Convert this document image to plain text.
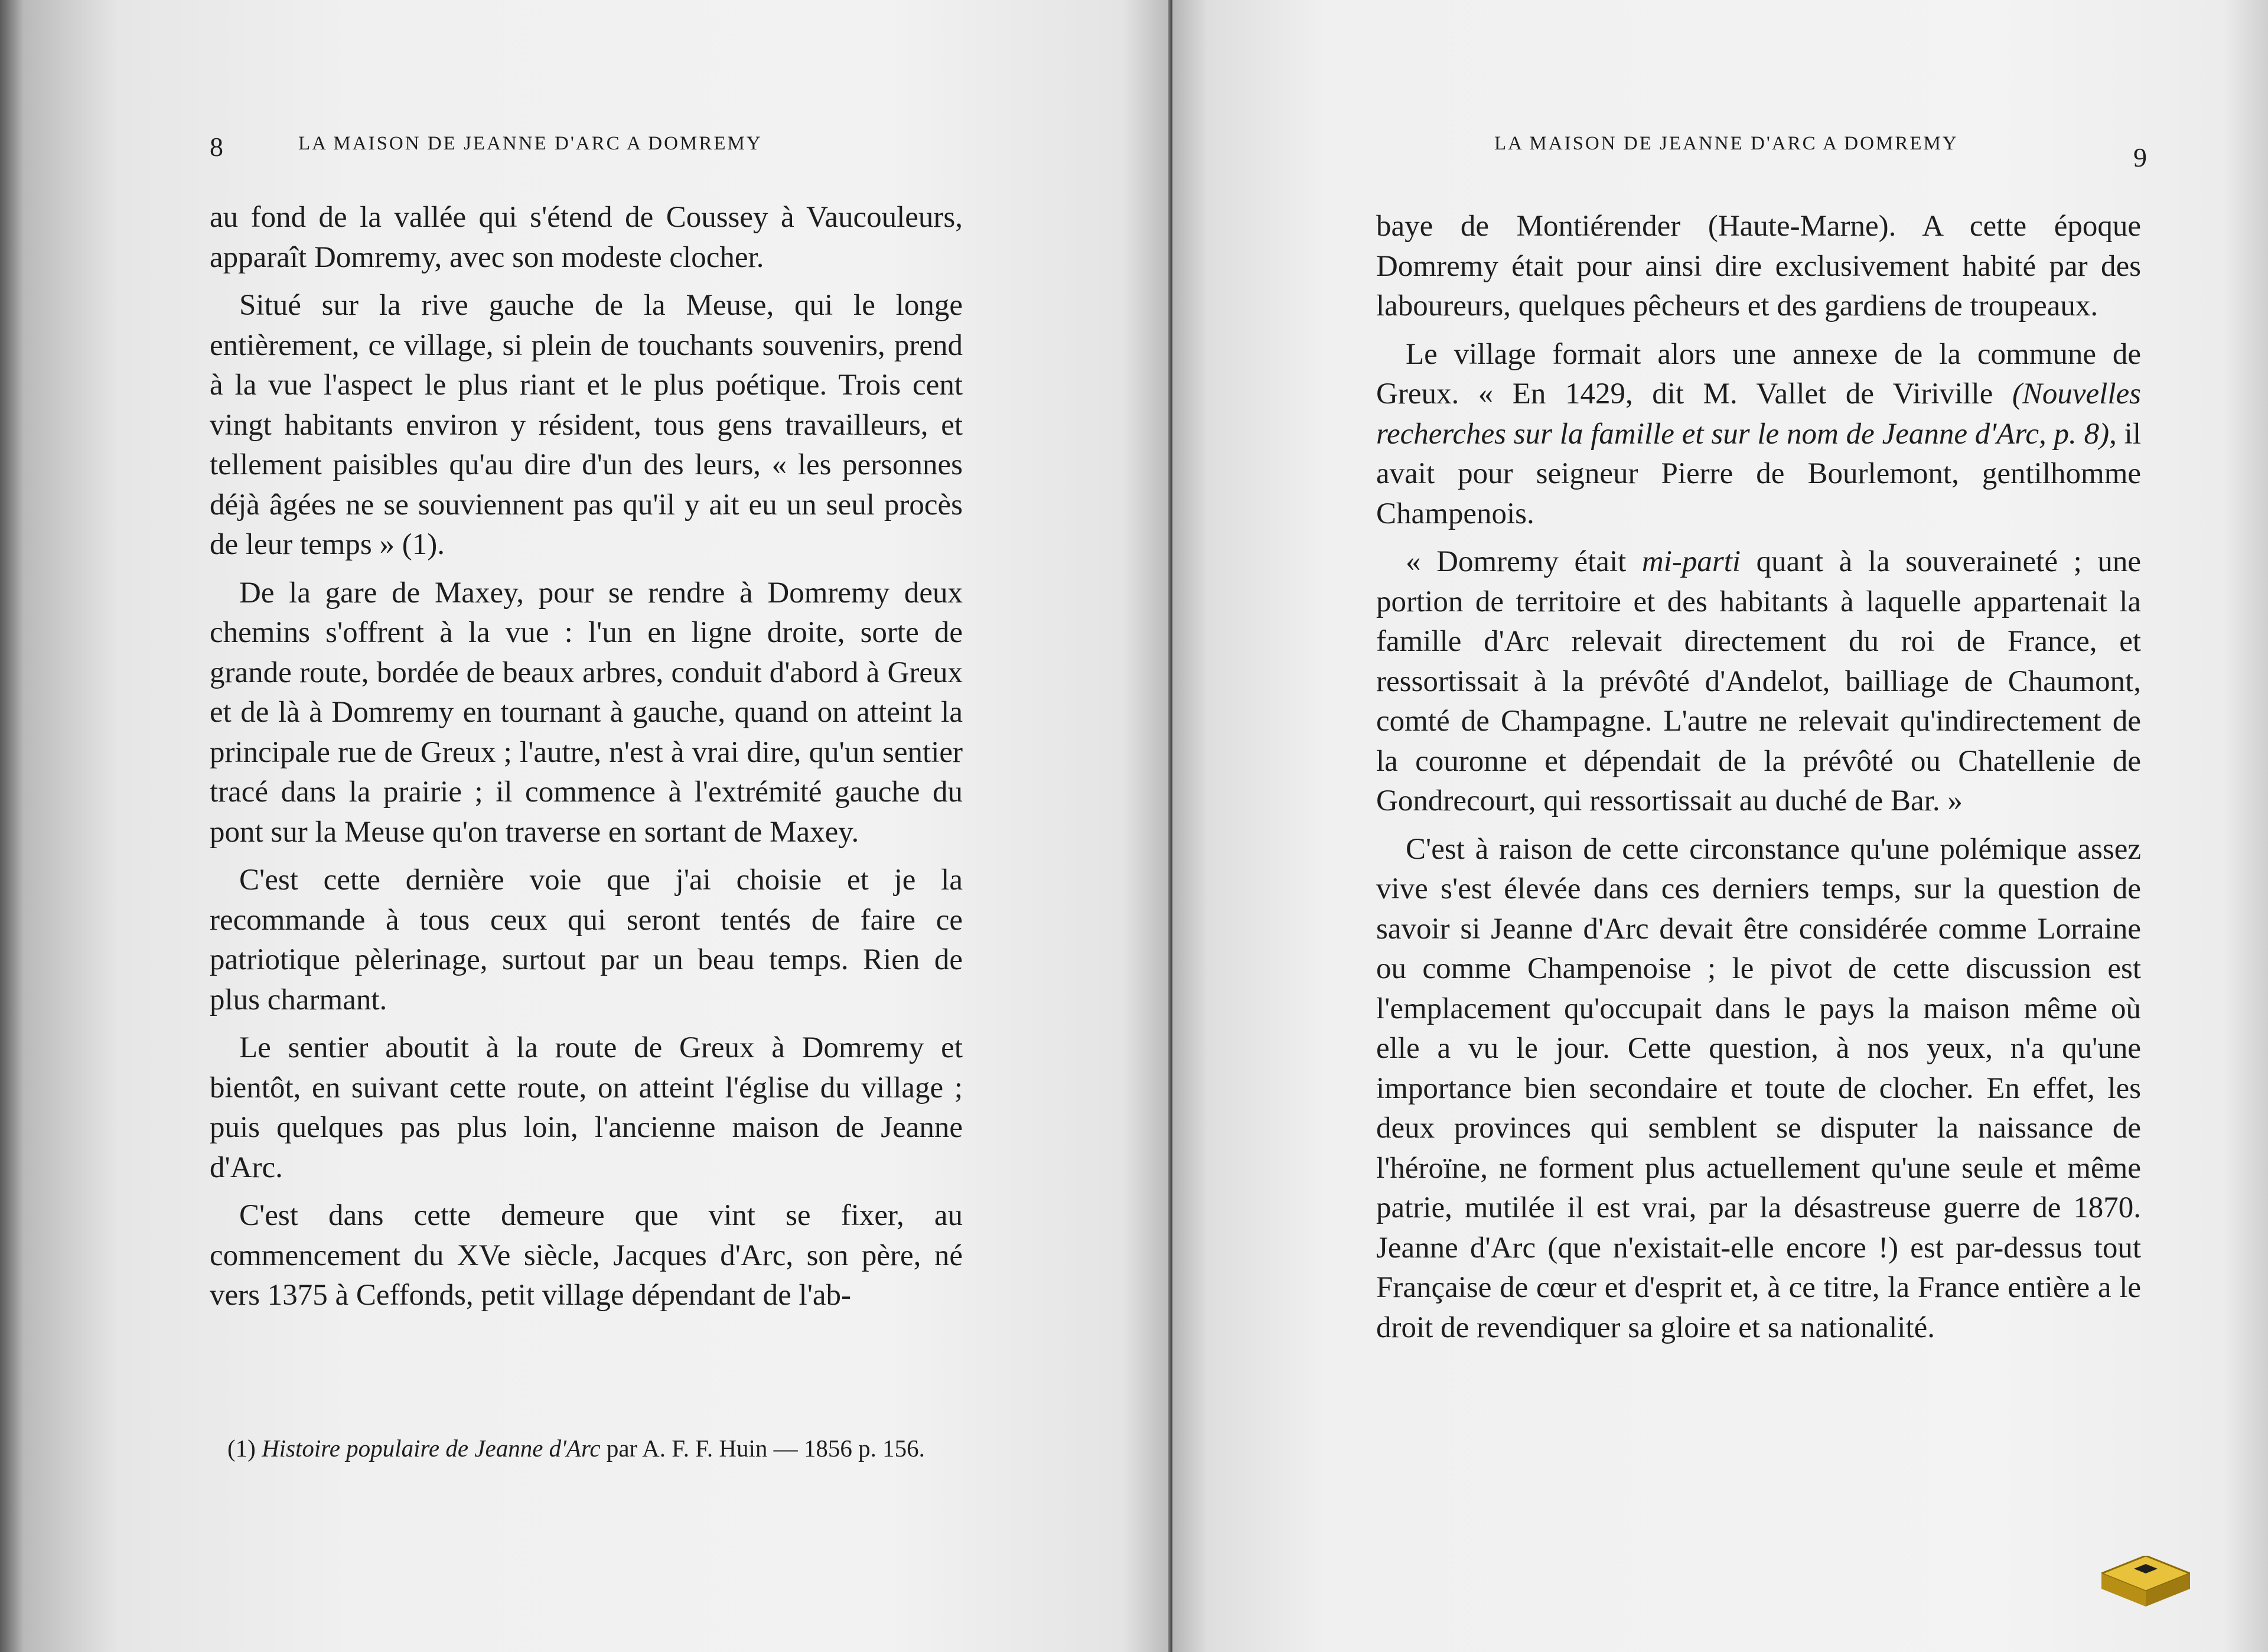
8	LA MAISON DE JEANNE D'ARC A DOMREMY

au fond de la vallée qui s'étend de Coussey à Vaucouleurs, apparaît Domremy, avec son modeste clocher.

Situé sur la rive gauche de la Meuse, qui le longe entièrement, ce village, si plein de touchants souvenirs, prend à la vue l'aspect le plus riant et le plus poétique. Trois cent vingt habitants environ y résident, tous gens travailleurs, et tellement paisibles qu'au dire d'un des leurs, « les personnes déjà âgées ne se souviennent pas qu'il y ait eu un seul procès de leur temps » (1).

De la gare de Maxey, pour se rendre à Domremy deux chemins s'offrent à la vue : l'un en ligne droite, sorte de grande route, bordée de beaux arbres, conduit d'abord à Greux et de là à Domremy en tournant à gauche, quand on atteint la principale rue de Greux ; l'autre, n'est à vrai dire, qu'un sentier tracé dans la prairie ; il commence à l'extrémité gauche du pont sur la Meuse qu'on traverse en sortant de Maxey.

C'est cette dernière voie que j'ai choisie et je la recommande à tous ceux qui seront tentés de faire ce patriotique pèlerinage, surtout par un beau temps. Rien de plus charmant.

Le sentier aboutit à la route de Greux à Domremy et bientôt, en suivant cette route, on atteint l'église du village ; puis quelques pas plus loin, l'ancienne maison de Jeanne d'Arc.

C'est dans cette demeure que vint se fixer, au commencement du XVe siècle, Jacques d'Arc, son père, né vers 1375 à Ceffonds, petit village dépendant de l'ab-

(1) Histoire populaire de Jeanne d'Arc par A. F. F. Huin — 1856 p. 156.
LA MAISON DE JEANNE D'ARC A DOMREMY	9

baye de Montiérender (Haute-Marne). A cette époque Domremy était pour ainsi dire exclusivement habité par des laboureurs, quelques pêcheurs et des gardiens de troupeaux.

Le village formait alors une annexe de la commune de Greux. « En 1429, dit M. Vallet de Viriville (Nouvelles recherches sur la famille et sur le nom de Jeanne d'Arc, p. 8), il avait pour seigneur Pierre de Bourlemont, gentilhomme Champenois.

« Domremy était mi-parti quant à la souveraineté ; une portion de territoire et des habitants à laquelle appartenait la famille d'Arc relevait directement du roi de France, et ressortissait à la prévôté d'Andelot, bailliage de Chaumont, comté de Champagne. L'autre ne relevait qu'indirectement de la couronne et dépendait de la prévôté ou Chatellenie de Gondrecourt, qui ressortissait au duché de Bar. »

C'est à raison de cette circonstance qu'une polémique assez vive s'est élevée dans ces derniers temps, sur la question de savoir si Jeanne d'Arc devait être considérée comme Lorraine ou comme Champenoise ; le pivot de cette discussion est l'emplacement qu'occupait dans le pays la maison même où elle a vu le jour. Cette question, à nos yeux, n'a qu'une importance bien secondaire et toute de clocher. En effet, les deux provinces qui semblent se disputer la naissance de l'héroïne, ne forment plus actuellement qu'une seule et même patrie, mutilée il est vrai, par la désastreuse guerre de 1870. Jeanne d'Arc (que n'existait-elle encore !) est par-dessus tout Française de cœur et d'esprit et, à ce titre, la France entière a le droit de revendiquer sa gloire et sa nationalité.
